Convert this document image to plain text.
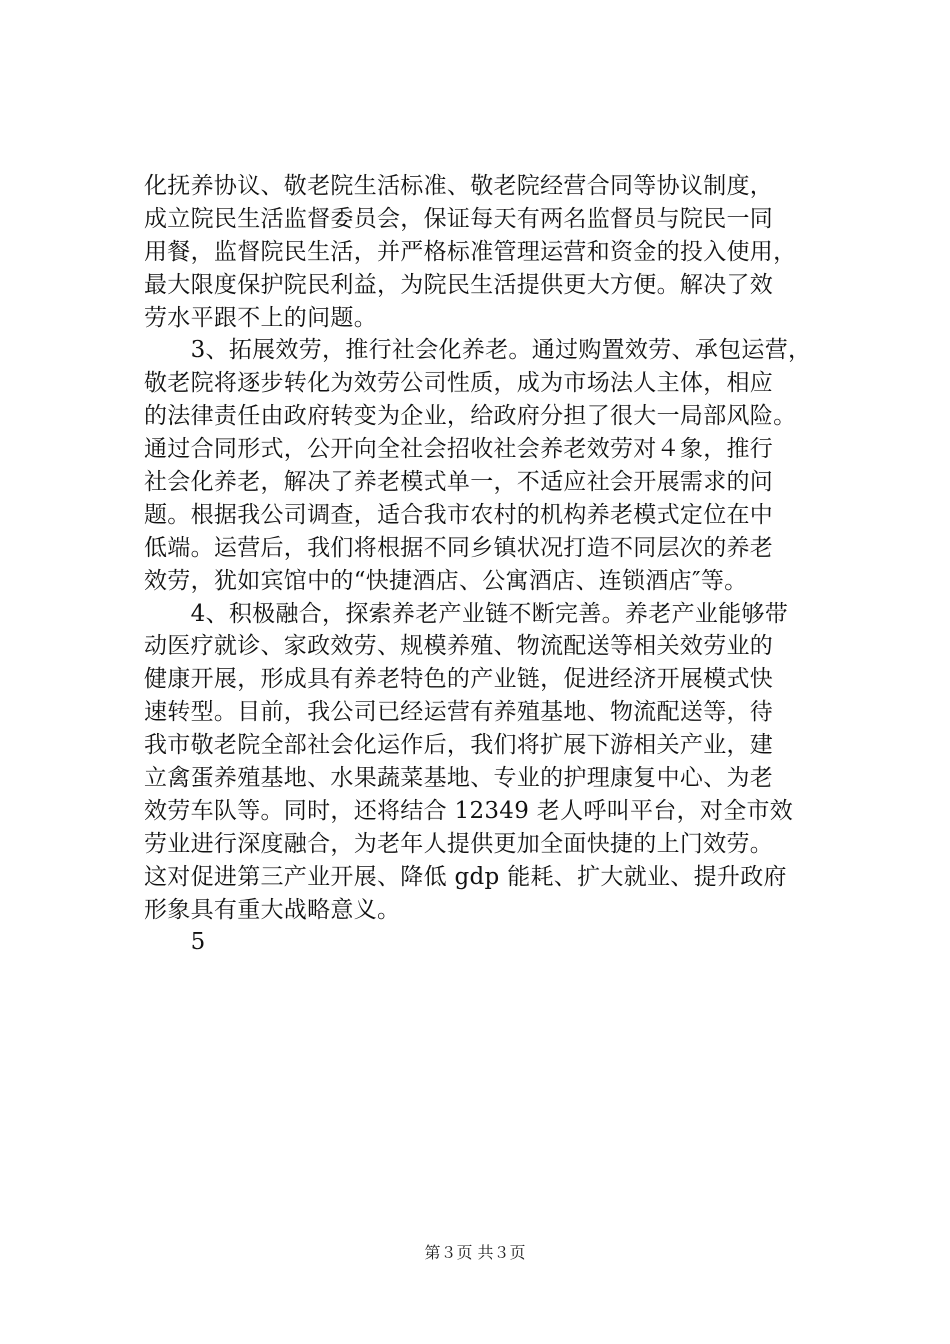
化抚养协议、敬老院生活标准、敬老院经营合同等协议制度，
成立院民生活监督委员会，保证每天有两名监督员与院民一同
用餐，监督院民生活，并严格标准管理运营和资金的投入使用，
最大限度保护院民利益，为院民生活提供更大方便。解决了效
劳水平跟不上的问题。
　　3、拓展效劳，推行社会化养老。通过购置效劳、承包运营，
敬老院将逐步转化为效劳公司性质，成为市场法人主体，相应
的法律责任由政府转变为企业，给政府分担了很大一局部风险。
通过合同形式，公开向全社会招收社会养老效劳对４象，推行
社会化养老，解决了养老模式单一，不适应社会开展需求的问
题。根据我公司调查，适合我市农村的机构养老模式定位在中
低端。运营后，我们将根据不同乡镇状况打造不同层次的养老
效劳，犹如宾馆中的“快捷酒店、公寓酒店、连锁酒店″等。
　　4、积极融合，探索养老产业链不断完善。养老产业能够带
动医疗就诊、家政效劳、规模养殖、物流配送等相关效劳业的
健康开展，形成具有养老特色的产业链，促进经济开展模式快
速转型。目前，我公司已经运营有养殖基地、物流配送等，待
我市敬老院全部社会化运作后，我们将扩展下游相关产业，建
立禽蛋养殖基地、水果蔬菜基地、专业的护理康复中心、为老
效劳车队等。同时，还将结合 12349 老人呼叫平台，对全市效
劳业进行深度融合，为老年人提供更加全面快捷的上门效劳。
这对促进第三产业开展、降低 gdp 能耗、扩大就业、提升政府
形象具有重大战略意义。
　　5
第３页 共３页
